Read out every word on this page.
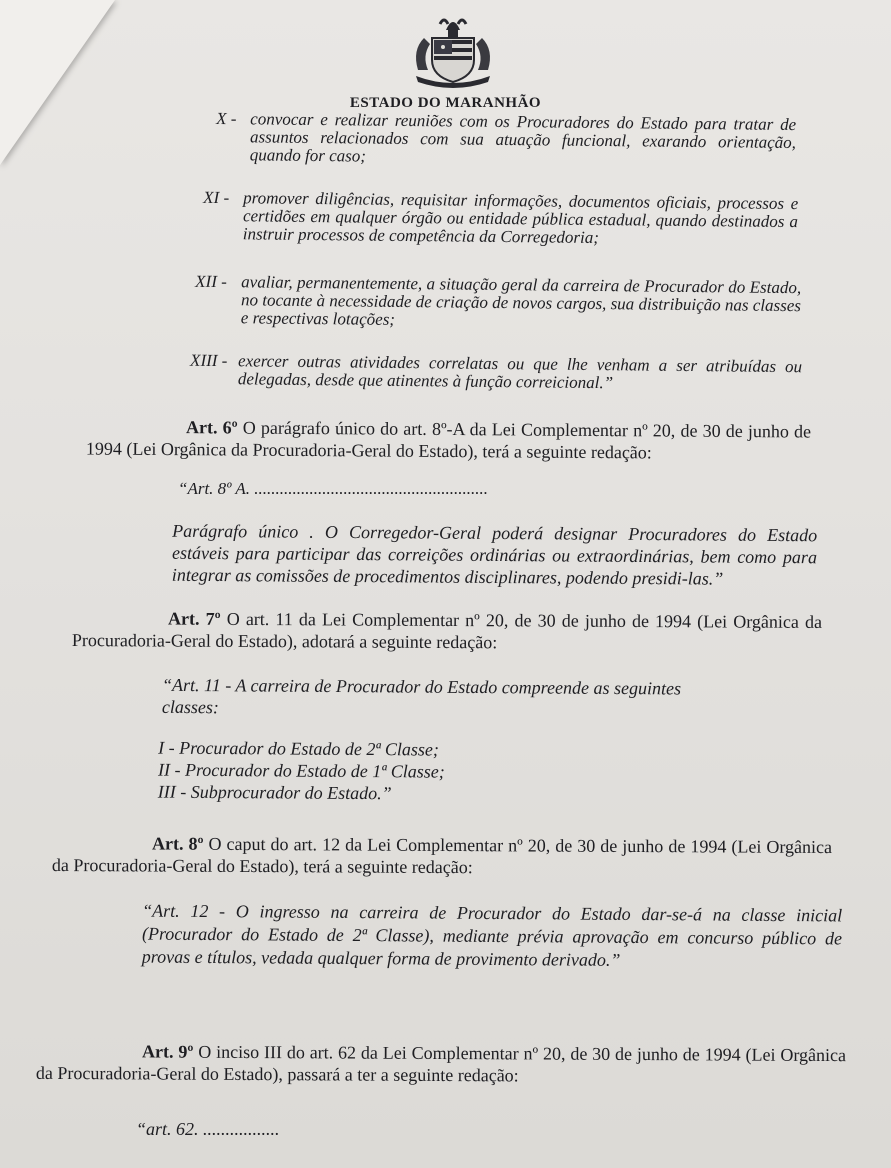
ESTADO DO MARANHÃO
X - convocar e realizar reuniões com os Procuradores do Estado para tratar de assuntos relacionados com sua atuação funcional, exarando orientação, quando for caso;
XI - promover diligências, requisitar informações, documentos oficiais, processos e certidões em qualquer órgão ou entidade pública estadual, quando destinados a instruir processos de competência da Corregedoria;
XII - avaliar, permanentemente, a situação geral da carreira de Procurador do Estado, no tocante à necessidade de criação de novos cargos, sua distribuição nas classes e respectivas lotações;
XIII - exercer outras atividades correlatas ou que lhe venham a ser atribuídas ou delegadas, desde que atinentes à função correicional.”
Art. 6º O parágrafo único do art. 8º-A da Lei Complementar nº 20, de 30 de junho de 1994 (Lei Orgânica da Procuradoria-Geral do Estado), terá a seguinte redação:
“Art. 8º A. .......................................................
Parágrafo único . O Corregedor-Geral poderá designar Procuradores do Estado estáveis para participar das correições ordinárias ou extraordinárias, bem como para integrar as comissões de procedimentos disciplinares, podendo presidi-las.”
Art. 7º O art. 11 da Lei Complementar nº 20, de 30 de junho de 1994 (Lei Orgânica da Procuradoria-Geral do Estado), adotará a seguinte redação:
“Art. 11 - A carreira de Procurador do Estado compreende as seguintes
classes:
I - Procurador do Estado de 2ª Classe;
II - Procurador do Estado de 1ª Classe;
III - Subprocurador do Estado.”
Art. 8º O caput do art. 12 da Lei Complementar nº 20, de 30 de junho de 1994 (Lei Orgânica da Procuradoria-Geral do Estado), terá a seguinte redação:
“Art. 12 - O ingresso na carreira de Procurador do Estado dar-se-á na classe inicial (Procurador do Estado de 2ª Classe), mediante prévia aprovação em concurso público de provas e títulos, vedada qualquer forma de provimento derivado.”
Art. 9º O inciso III do art. 62 da Lei Complementar nº 20, de 30 de junho de 1994 (Lei Orgânica da Procuradoria-Geral do Estado), passará a ter a seguinte redação:
“art. 62. .................
